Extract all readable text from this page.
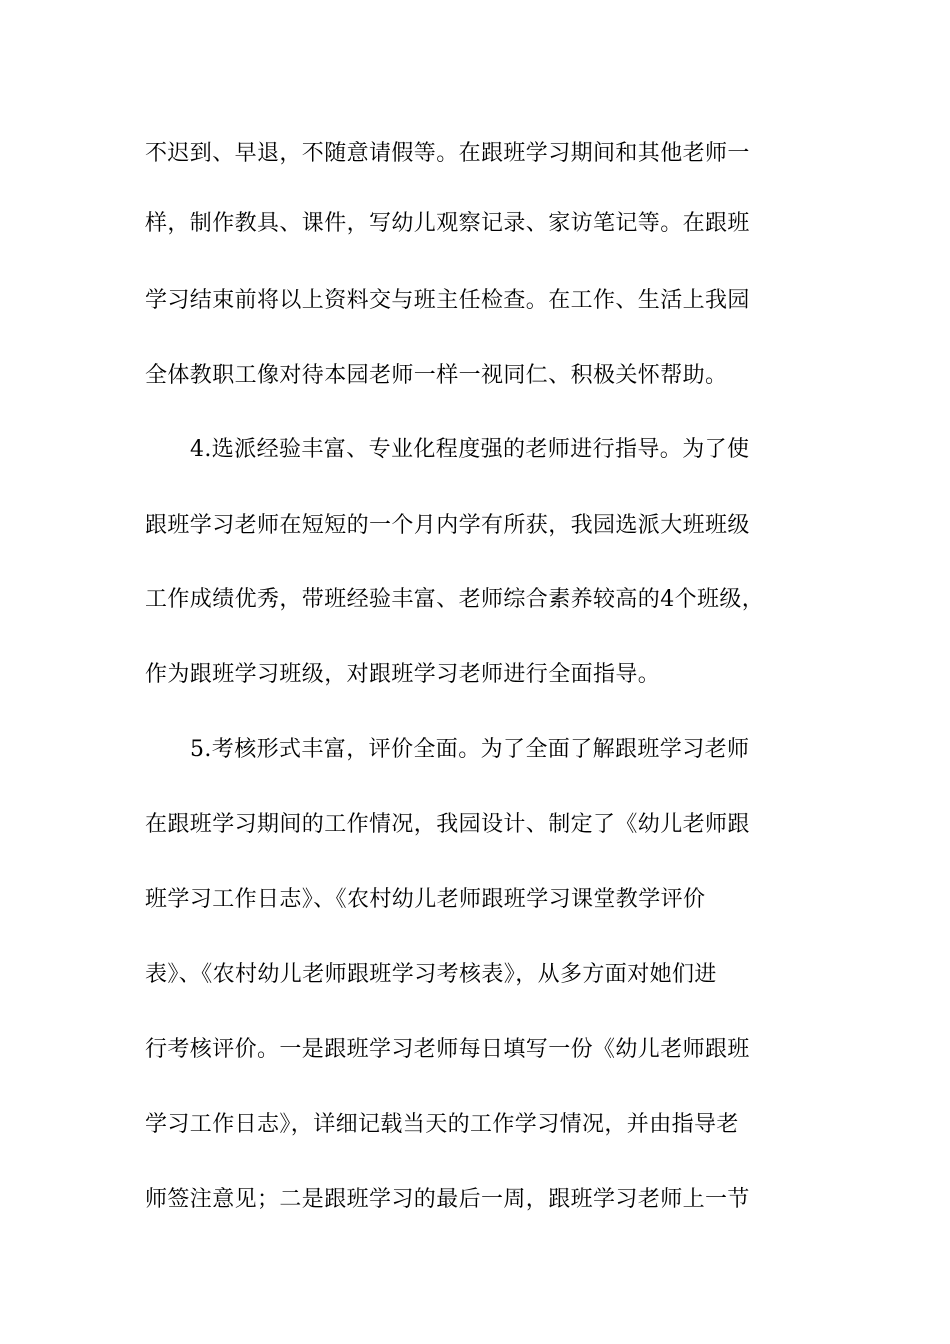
不迟到、早退，不随意请假等。在跟班学习期间和其他老师一
样，制作教具、课件，写幼儿观察记录、家访笔记等。在跟班
学习结束前将以上资料交与班主任检查。在工作、生活上我园
全体教职工像对待本园老师一样一视同仁、积极关怀帮助。
4.选派经验丰富、专业化程度强的老师进行指导。为了使
跟班学习老师在短短的一个月内学有所获，我园选派大班班级
工作成绩优秀，带班经验丰富、老师综合素养较高的4个班级，
作为跟班学习班级，对跟班学习老师进行全面指导。
5.考核形式丰富，评价全面。为了全面了解跟班学习老师
在跟班学习期间的工作情况，我园设计、制定了《幼儿老师跟
班学习工作日志》、《农村幼儿老师跟班学习课堂教学评价
表》、《农村幼儿老师跟班学习考核表》，从多方面对她们进
行考核评价。一是跟班学习老师每日填写一份《幼儿老师跟班
学习工作日志》，详细记载当天的工作学习情况，并由指导老
师签注意见；二是跟班学习的最后一周，跟班学习老师上一节
